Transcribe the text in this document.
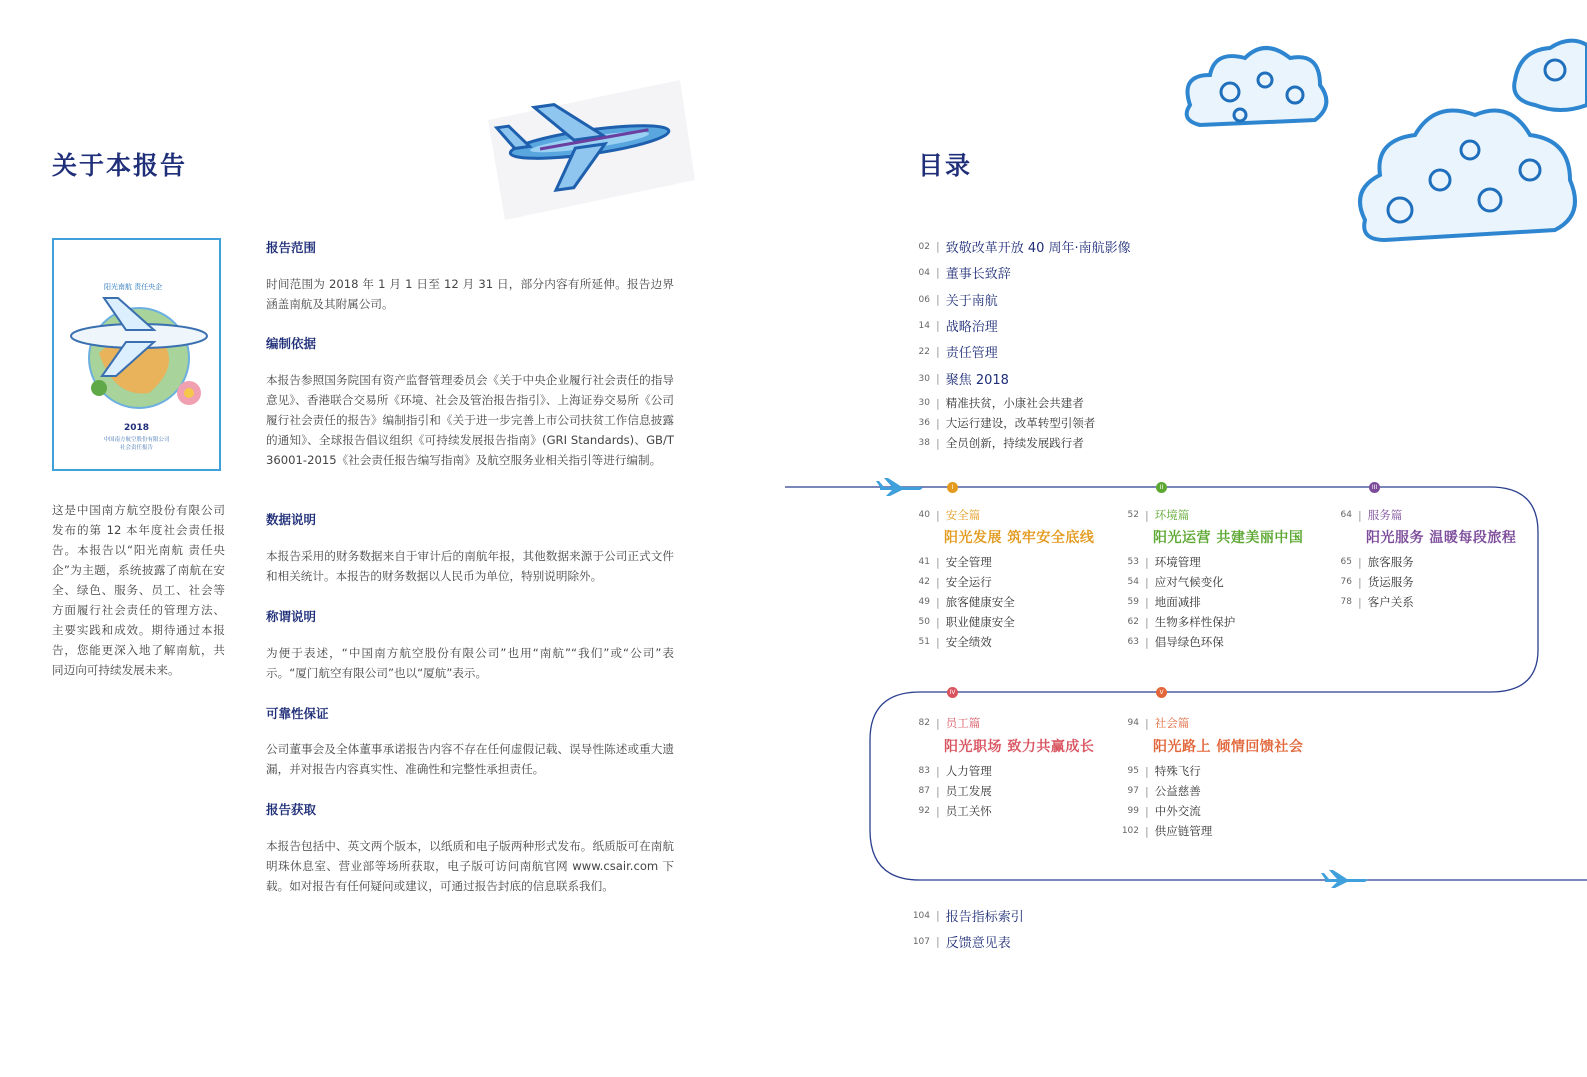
关于本报告
阳光南航 责任央企
2018
中国南方航空股份有限公司
社会责任报告
这是中国南方航空股份有限公司发布的第 12 本年度社会责任报告。本报告以“阳光南航 责任央企”为主题，系统披露了南航在安全、绿色、服务、员工、社会等方面履行社会责任的管理方法、主要实践和成效。期待通过本报告，您能更深入地了解南航，共同迈向可持续发展未来。
报告范围
时间范围为 2018 年 1 月 1 日至 12 月 31 日，部分内容有所延伸。报告边界涵盖南航及其附属公司。
编制依据
本报告参照国务院国有资产监督管理委员会《关于中央企业履行社会责任的指导意见》、香港联合交易所《环境、社会及管治报告指引》、上海证券交易所《公司履行社会责任的报告》编制指引和《关于进一步完善上市公司扶贫工作信息披露的通知》、全球报告倡议组织《可持续发展报告指南》(GRI Standards)、GB/T 36001-2015《社会责任报告编写指南》及航空服务业相关指引等进行编制。
数据说明
本报告采用的财务数据来自于审计后的南航年报，其他数据来源于公司正式文件和相关统计。本报告的财务数据以人民币为单位，特别说明除外。
称谓说明
为便于表述，“中国南方航空股份有限公司”也用“南航”“我们”或“公司”表示。“厦门航空有限公司”也以“厦航”表示。
可靠性保证
公司董事会及全体董事承诺报告内容不存在任何虚假记载、误导性陈述或重大遗漏，并对报告内容真实性、准确性和完整性承担责任。
报告获取
本报告包括中、英文两个版本，以纸质和电子版两种形式发布。纸质版可在南航明珠休息室、营业部等场所获取，电子版可访问南航官网 www.csair.com 下载。如对报告有任何疑问或建议，可通过报告封底的信息联系我们。
目录
02 | 致敬改革开放 40 周年·南航影像
04 | 董事长致辞
06 | 关于南航
14 | 战略治理
22 | 责任管理
30 | 聚焦 2018
30 | 精准扶贫，小康社会共建者
36 | 大运行建设，改革转型引领者
38 | 全员创新，持续发展践行者
I	II	III
IV	V
40 | 安全篇
阳光发展 筑牢安全底线
41 | 安全管理
42 | 安全运行
49 | 旅客健康安全
50 | 职业健康安全
51 | 安全绩效
52 | 环境篇
阳光运营 共建美丽中国
53 | 环境管理
54 | 应对气候变化
59 | 地面减排
62 | 生物多样性保护
63 | 倡导绿色环保
64 | 服务篇
阳光服务 温暖每段旅程
65 | 旅客服务
76 | 货运服务
78 | 客户关系
82 | 员工篇
阳光职场 致力共赢成长
83 | 人力管理
87 | 员工发展
92 | 员工关怀
94 | 社会篇
阳光路上 倾情回馈社会
95 | 特殊飞行
97 | 公益慈善
99 | 中外交流
102 | 供应链管理
104 | 报告指标索引
107 | 反馈意见表
